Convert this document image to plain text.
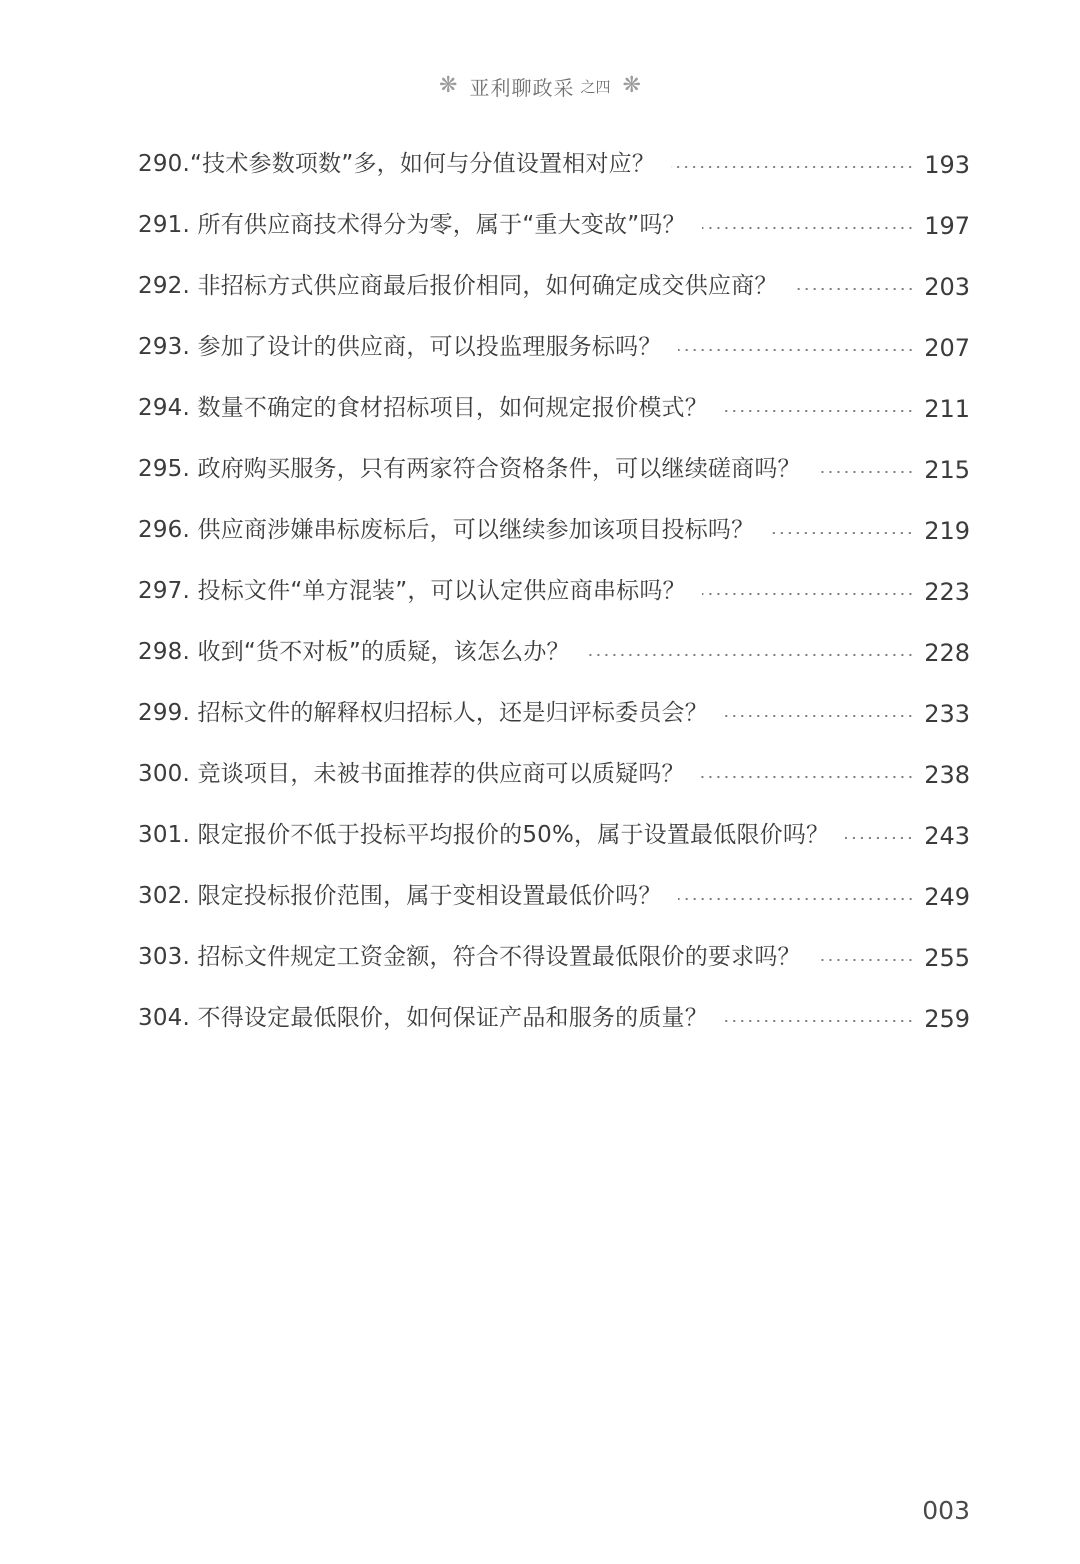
❋ 亚利聊政采 之四 ❋
290.“技术参数项数”多，如何与分值设置相对应？	193
291. 所有供应商技术得分为零，属于“重大变故”吗？	197
292. 非招标方式供应商最后报价相同，如何确定成交供应商？	203
293. 参加了设计的供应商，可以投监理服务标吗？	207
294. 数量不确定的食材招标项目，如何规定报价模式？	211
295. 政府购买服务，只有两家符合资格条件，可以继续磋商吗？	215
296. 供应商涉嫌串标废标后，可以继续参加该项目投标吗？	219
297. 投标文件“单方混装”，可以认定供应商串标吗？	223
298. 收到“货不对板”的质疑，该怎么办？	228
299. 招标文件的解释权归招标人，还是归评标委员会？	233
300. 竞谈项目，未被书面推荐的供应商可以质疑吗？	238
301. 限定报价不低于投标平均报价的50%，属于设置最低限价吗？	243
302. 限定投标报价范围，属于变相设置最低价吗？	249
303. 招标文件规定工资金额，符合不得设置最低限价的要求吗？	255
304. 不得设定最低限价，如何保证产品和服务的质量？	259
003
